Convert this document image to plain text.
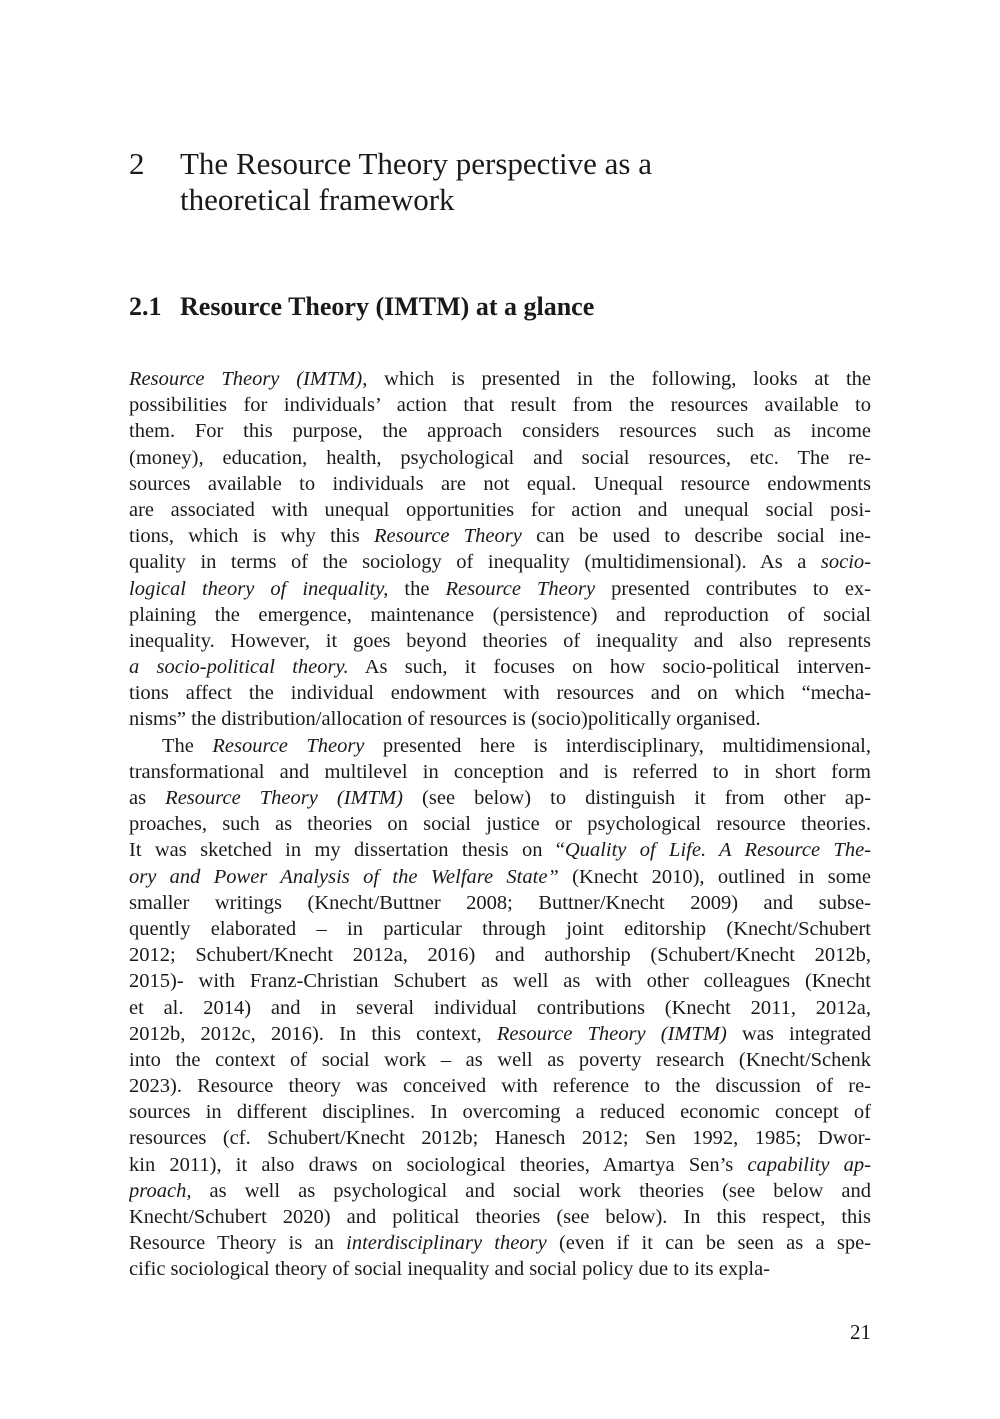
2	The Resource Theory perspective as a
theoretical framework
2.1 Resource Theory (IMTM) at a glance
Resource Theory (IMTM), which is presented in the following, looks at the
possibilities for individuals’ action that result from the resources available to
them. For this purpose, the approach considers resources such as income
(money), education, health, psychological and social resources, etc. The re-
sources available to individuals are not equal. Unequal resource endowments
are associated with unequal opportunities for action and unequal social posi-
tions, which is why this Resource Theory can be used to describe social ine-
quality in terms of the sociology of inequality (multidimensional). As a socio-
logical theory of inequality, the Resource Theory presented contributes to ex-
plaining the emergence, maintenance (persistence) and reproduction of social
inequality. However, it goes beyond theories of inequality and also represents
a socio-political theory. As such, it focuses on how socio-political interven-
tions affect the individual endowment with resources and on which “mecha-
nisms” the distribution/allocation of resources is (socio)politically organised.
The Resource Theory presented here is interdisciplinary, multidimensional,
transformational and multilevel in conception and is referred to in short form
as Resource Theory (IMTM) (see below) to distinguish it from other ap-
proaches, such as theories on social justice or psychological resource theories.
It was sketched in my dissertation thesis on “Quality of Life. A Resource The-
ory and Power Analysis of the Welfare State” (Knecht 2010), outlined in some
smaller writings (Knecht/Buttner 2008; Buttner/Knecht 2009) and subse-
quently elaborated – in particular through joint editorship (Knecht/Schubert
2012; Schubert/Knecht 2012a, 2016) and authorship (Schubert/Knecht 2012b,
2015)- with Franz-Christian Schubert as well as with other colleagues (Knecht
et al. 2014) and in several individual contributions (Knecht 2011, 2012a,
2012b, 2012c, 2016). In this context, Resource Theory (IMTM) was integrated
into the context of social work – as well as poverty research (Knecht/Schenk
2023). Resource theory was conceived with reference to the discussion of re-
sources in different disciplines. In overcoming a reduced economic concept of
resources (cf. Schubert/Knecht 2012b; Hanesch 2012; Sen 1992, 1985; Dwor-
kin 2011), it also draws on sociological theories, Amartya Sen’s capability ap-
proach, as well as psychological and social work theories (see below and
Knecht/Schubert 2020) and political theories (see below). In this respect, this
Resource Theory is an interdisciplinary theory (even if it can be seen as a spe-
cific sociological theory of social inequality and social policy due to its expla-
21
